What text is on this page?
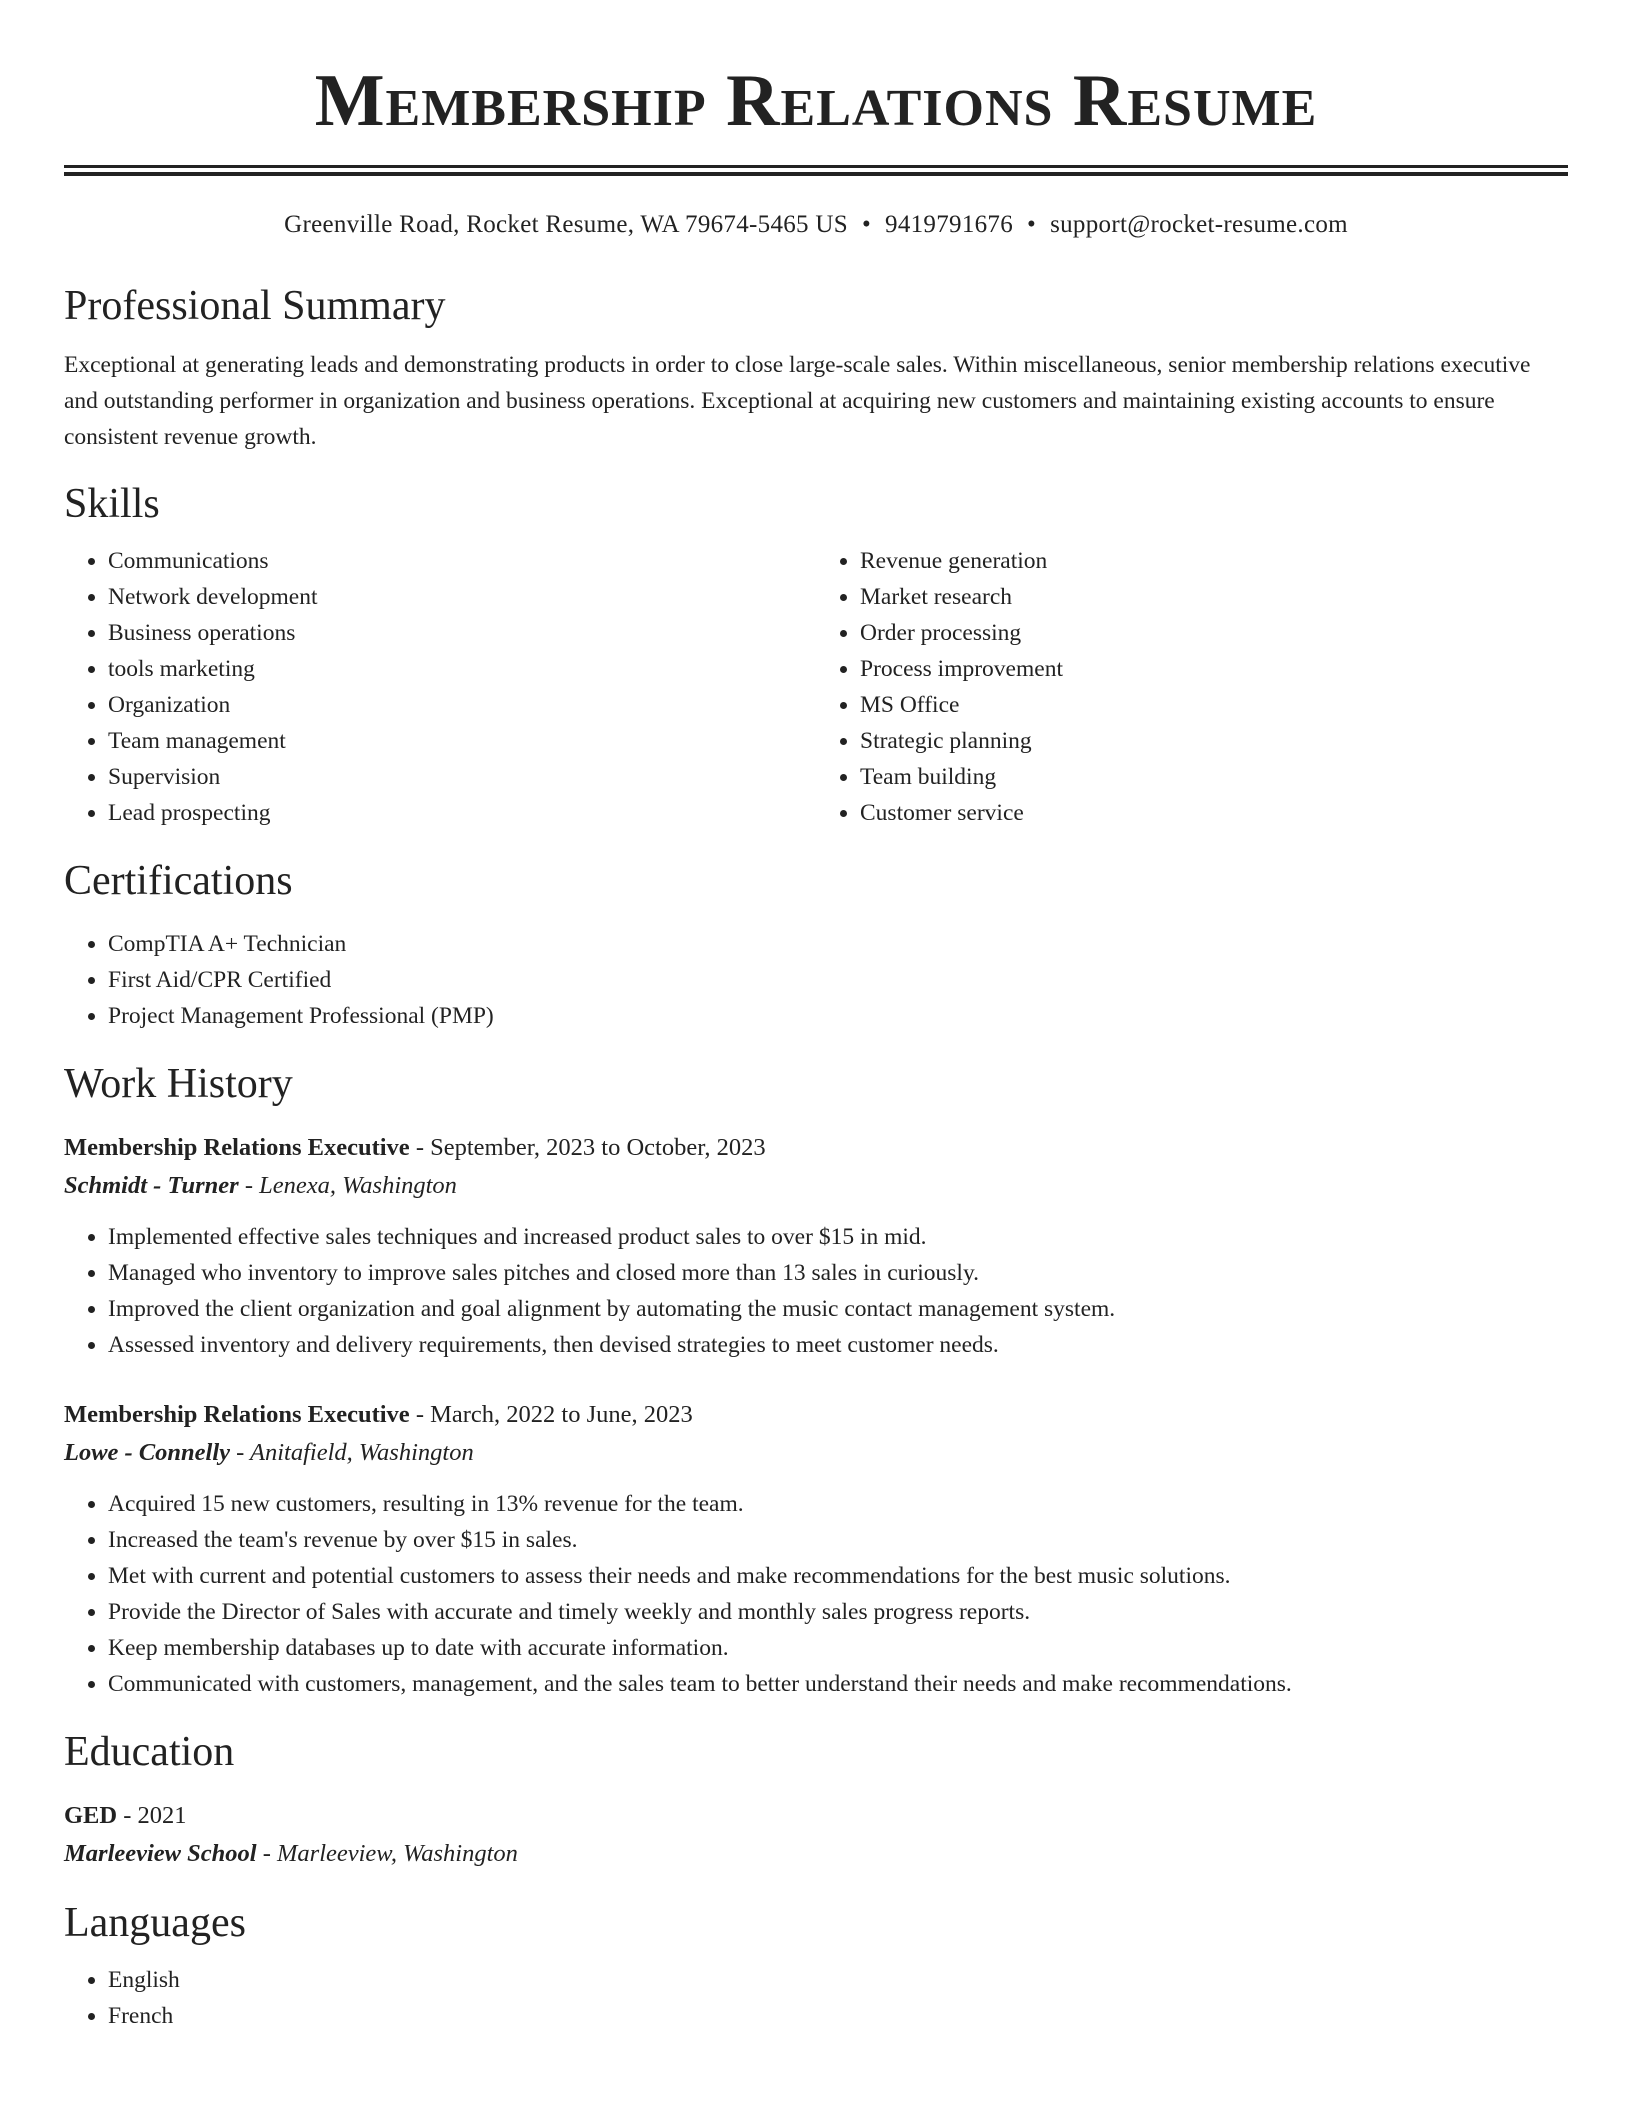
Membership Relations Resume
Greenville Road, Rocket Resume, WA 79674-5465 US • 9419791676 • support@rocket-resume.com
Professional Summary

Exceptional at generating leads and demonstrating products in order to close large-scale sales. Within miscellaneous, senior membership relations executive and outstanding performer in organization and business operations. Exceptional at acquiring new customers and maintaining existing accounts to ensure consistent revenue growth.

Skills
• Communications
• Network development
• Business operations
• tools marketing
• Organization
• Team management
• Supervision
• Lead prospecting
• Revenue generation
• Market research
• Order processing
• Process improvement
• MS Office
• Strategic planning
• Team building
• Customer service
Certifications
• CompTIA A+ Technician
• First Aid/CPR Certified
• Project Management Professional (PMP)
Work History
Membership Relations Executive - September, 2023 to October, 2023
Schmidt - Turner - Lenexa, Washington
• Implemented effective sales techniques and increased product sales to over $15 in mid.
• Managed who inventory to improve sales pitches and closed more than 13 sales in curiously.
• Improved the client organization and goal alignment by automating the music contact management system.
• Assessed inventory and delivery requirements, then devised strategies to meet customer needs.
Membership Relations Executive - March, 2022 to June, 2023
Lowe - Connelly - Anitafield, Washington
• Acquired 15 new customers, resulting in 13% revenue for the team.
• Increased the team's revenue by over $15 in sales.
• Met with current and potential customers to assess their needs and make recommendations for the best music solutions.
• Provide the Director of Sales with accurate and timely weekly and monthly sales progress reports.
• Keep membership databases up to date with accurate information.
• Communicated with customers, management, and the sales team to better understand their needs and make recommendations.
Education
GED - 2021
Marleeview School - Marleeview, Washington
Languages
• English
• French
